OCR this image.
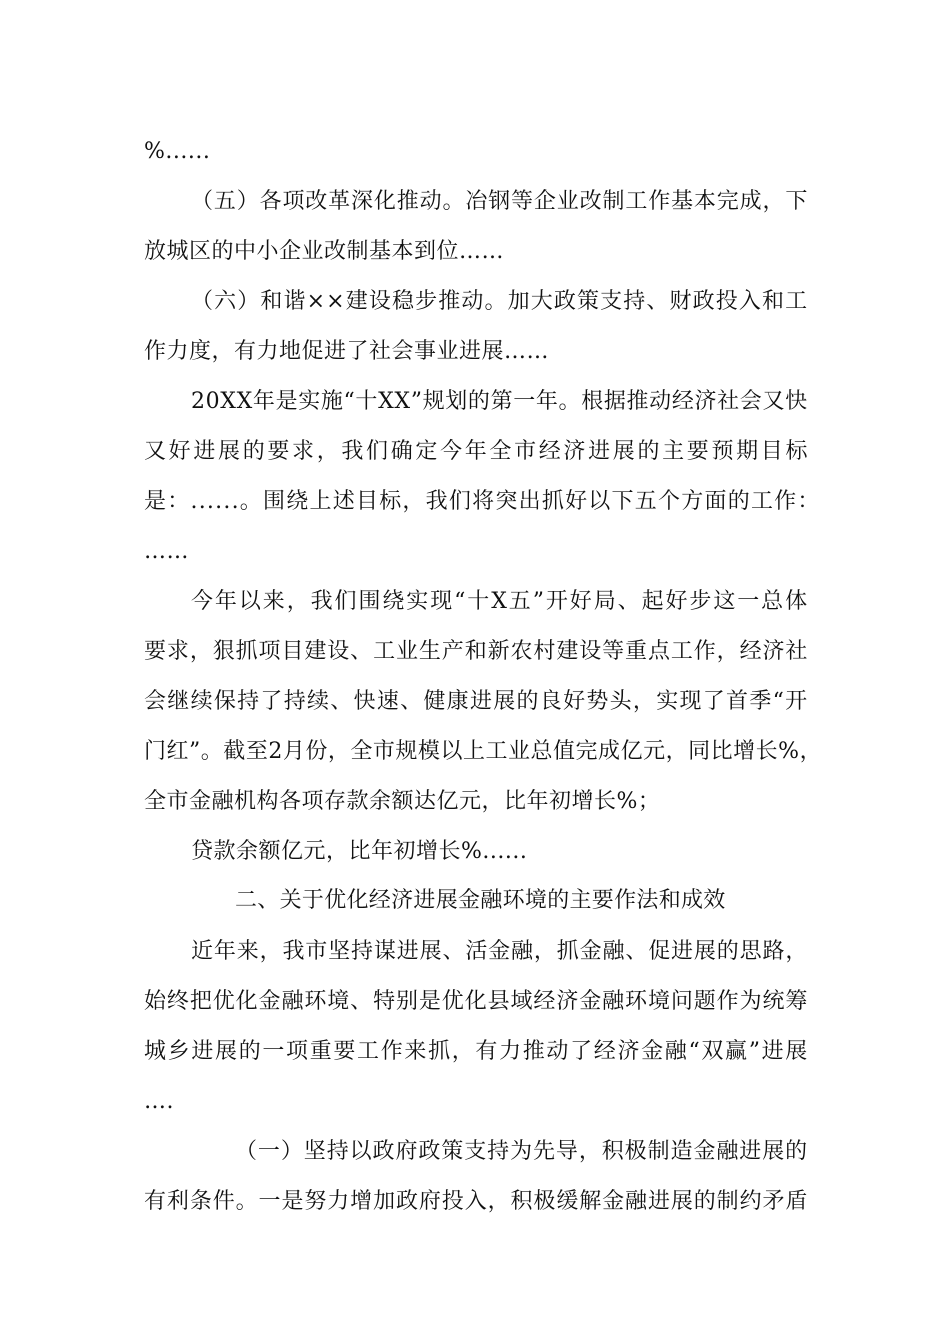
%......
（ 五 ） 各 项 改 革 深 化 推 动 。 冶 钢 等 企 业 改 制 工 作 基 本 完 成 ， 下
放城区的中小企业改制基本到位……
（ 六 ） 和 谐 × × 建 设 稳 步 推 动 。 加 大 政 策 支 持 、 财 政 投 入 和 工
作力度，有力地促进了社会事业进展……
2 0 X X 年 是 实 施 “ 十 X X ” 规 划 的 第 一 年 。 根 据 推 动 经 济 社 会 又 快
又 好 进 展 的 要 求 ， 我 们 确 定 今 年 全 市 经 济 进 展 的 主 要 预 期 目 标
是 ： . . . . . . 。 围 绕 上 述 目 标 ， 我 们 将 突 出 抓 好 以 下 五 个 方 面 的 工 作 ：
……
今 年 以 来 ， 我 们 围 绕 实 现 “ 十 X 五 ” 开 好 局 、 起 好 步 这 一 总 体
要 求 ， 狠 抓 项 目 建 设 、 工 业 生 产 和 新 农 村 建 设 等 重 点 工 作 ， 经 济 社
会 继 续 保 持 了 持 续 、 快 速 、 健 康 进 展 的 良 好 势 头 ， 实 现 了 首 季 “ 开
门 红 ” 。 截 至 2 月 份 ， 全 市 规 模 以 上 工 业 总 值 完 成 亿 元 ， 同 比 增 长 % ，
全市金融机构各项存款余额达亿元，比年初增长%；
贷款余额亿元，比年初增长%......
二、关于优化经济进展金融环境的主要作法和成效
近 年 来 ， 我 市 坚 持 谋 进 展 、 活 金 融 ， 抓 金 融 、 促 进 展 的 思 路 ，
始 终 把 优 化 金 融 环 境 、 特 别 是 优 化 县 域 经 济 金 融 环 境 问 题 作 为 统 筹
城 乡 进 展 的 一 项 重 要 工 作 来 抓 ， 有 力 推 动 了 经 济 金 融 “ 双 赢 ” 进 展
….
（ 一 ） 坚 持 以 政 府 政 策 支 持 为 先 导 ， 积 极 制 造 金 融 进 展 的
有 利 条 件 。 一 是 努 力 增 加 政 府 投 入 ， 积 极 缓 解 金 融 进 展 的 制 约 矛 盾
